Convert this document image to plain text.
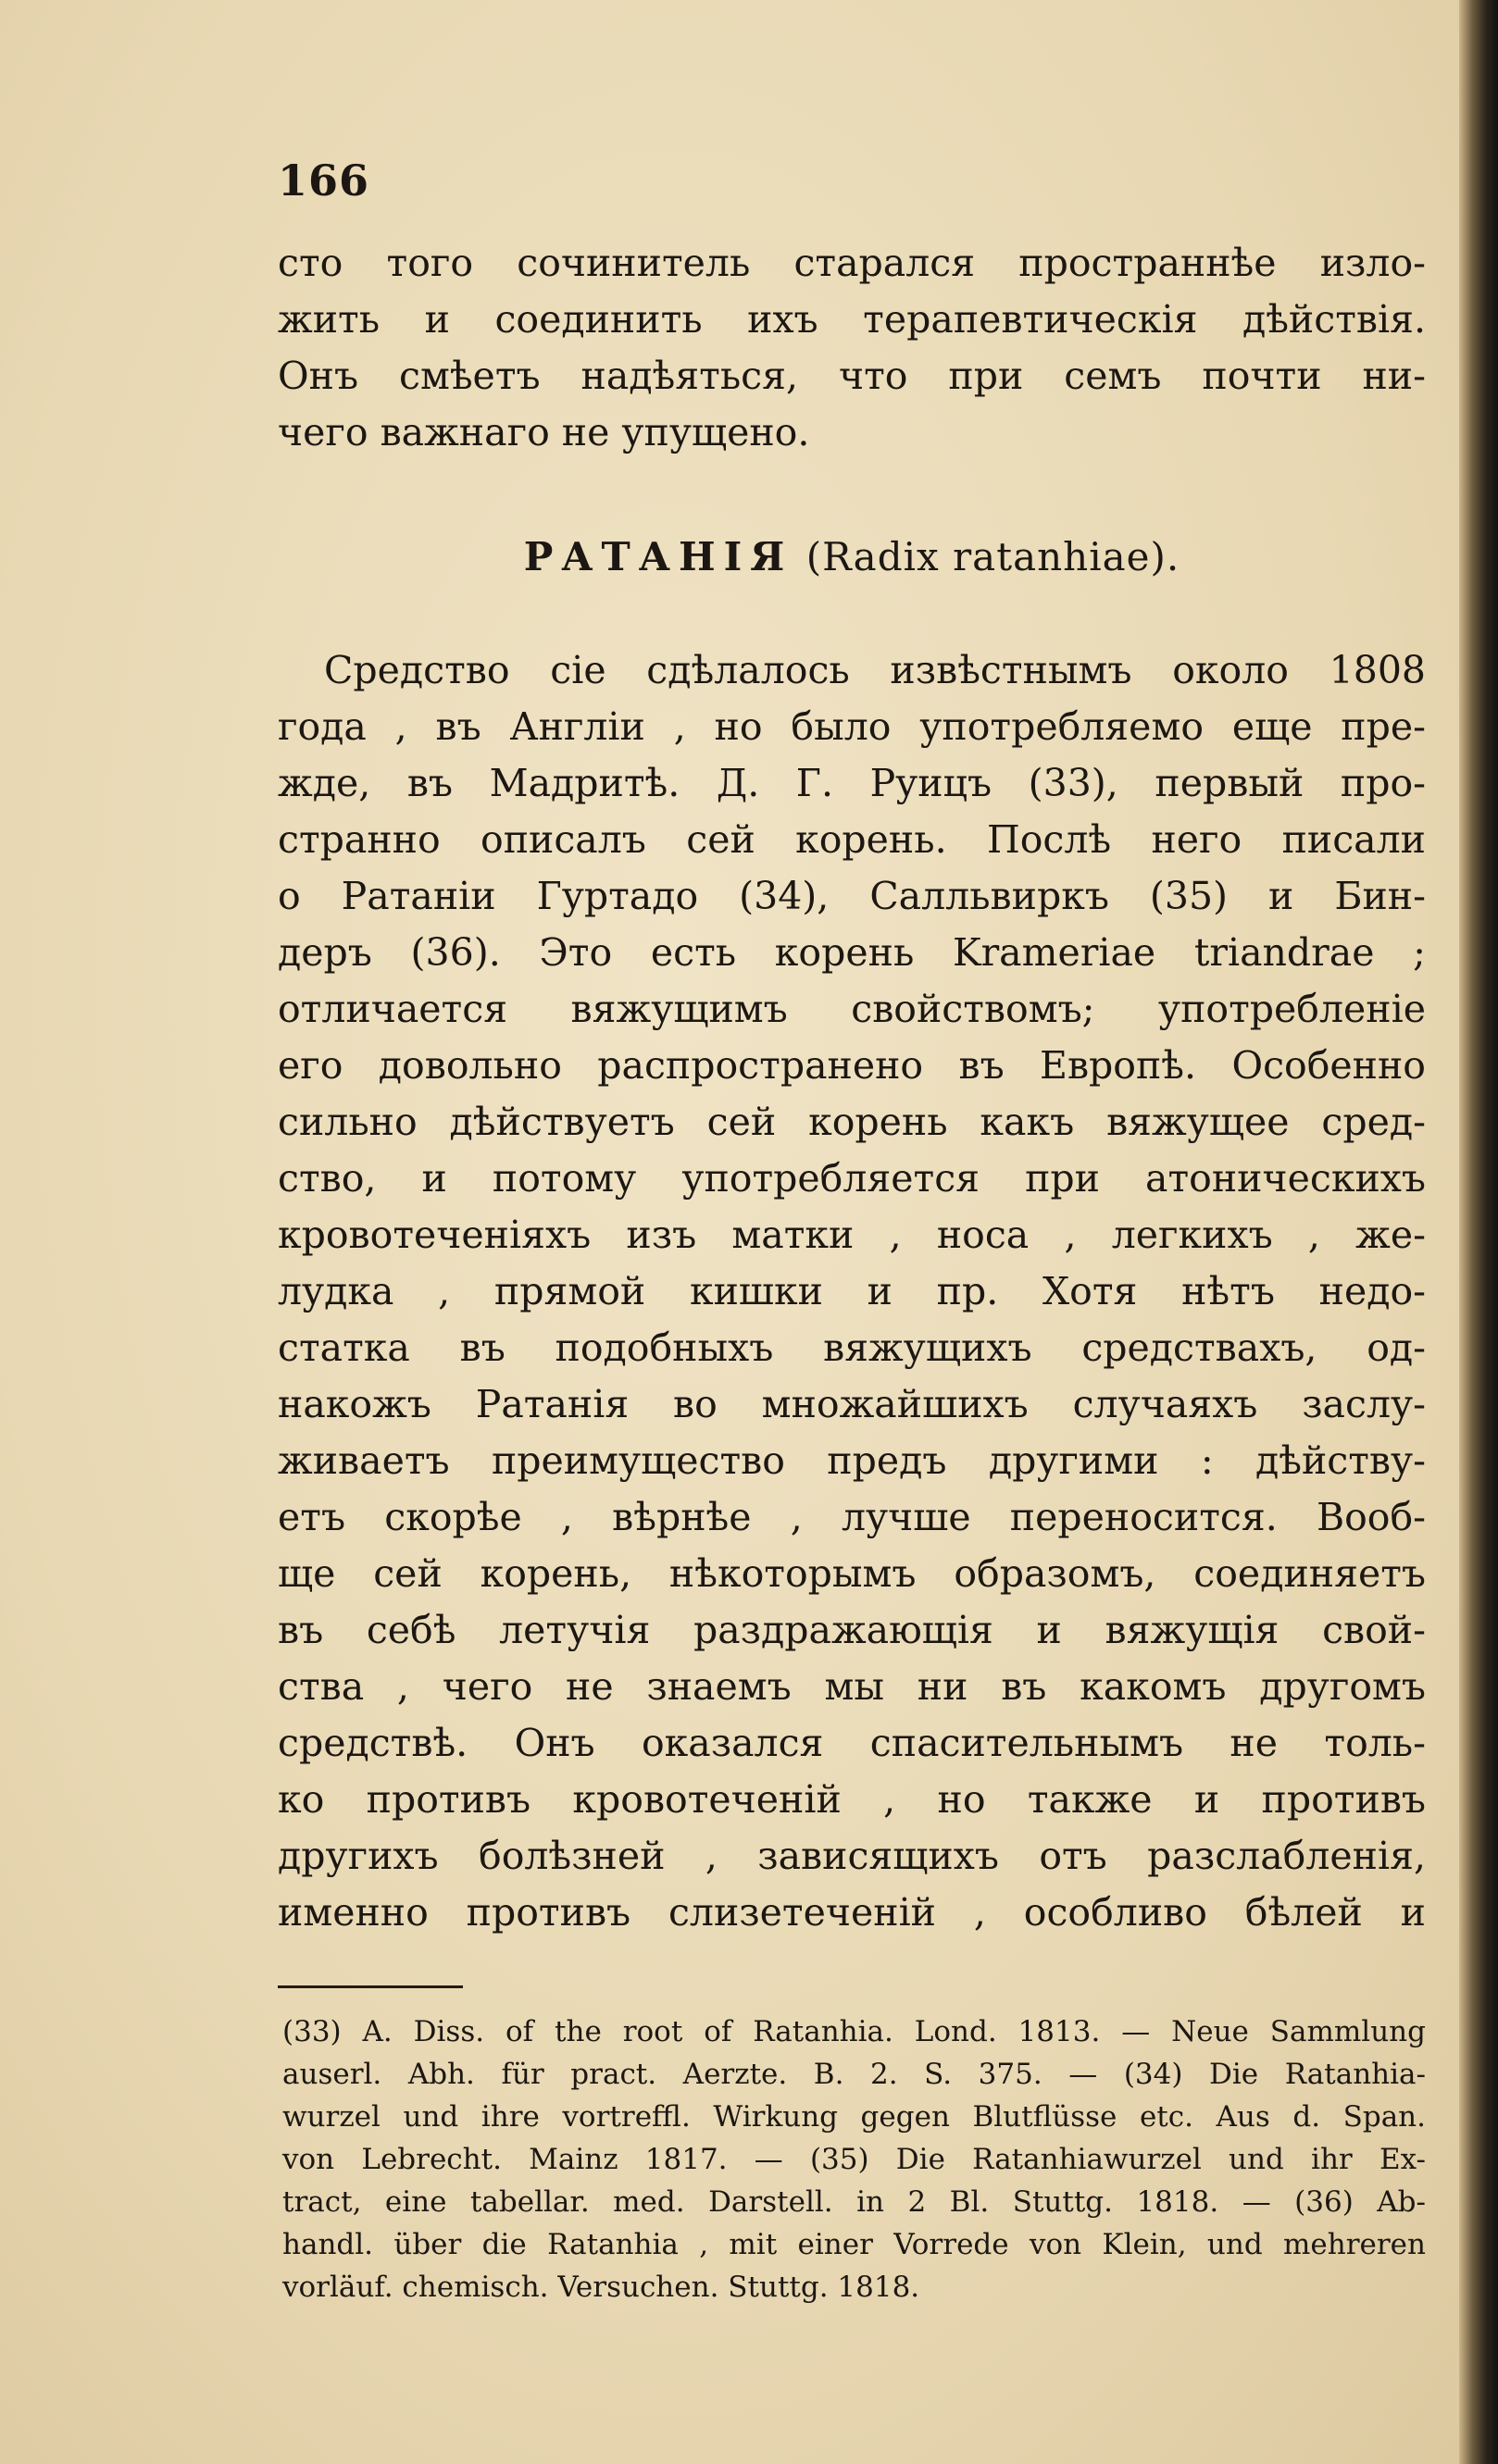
166
сто того сочинитель старался пространнѣе изло-
жить и соединить ихъ терапевтическія дѣйствія.
Онъ смѣетъ надѣяться, что при семъ почти ни-
чего важнаго не упущено.
РАТАНІЯ (Radix ratanhiae).
Средство сіе сдѣлалось извѣстнымъ около 1808
года , въ Англіи , но было употребляемо еще пре-
жде, въ Мадритѣ. Д. Г. Руицъ (33), первый про-
странно описалъ сей корень. Послѣ него писали
о Ратаніи Гуртадо (34), Салльвиркъ (35) и Бин-
деръ (36). Это есть корень Krameriae triandrae ;
отличается вяжущимъ свойствомъ; употребленіе
его довольно распространено въ Европѣ. Особенно
сильно дѣйствуетъ сей корень какъ вяжущее сред-
ство, и потому употребляется при атоническихъ
кровотеченіяхъ изъ матки , носа , легкихъ , же-
лудка , прямой кишки и пр. Хотя нѣтъ недо-
статка въ подобныхъ вяжущихъ средствахъ, од-
накожъ Ратанія во множайшихъ случаяхъ заслу-
живаетъ преимущество предъ другими : дѣйству-
етъ скорѣе , вѣрнѣе , лучше переносится. Вооб-
ще сей корень, нѣкоторымъ образомъ, соединяетъ
въ себѣ летучія раздражающія и вяжущія свой-
ства , чего не знаемъ мы ни въ какомъ другомъ
средствѣ. Онъ оказался спасительнымъ не толь-
ко противъ кровотеченій , но также и противъ
другихъ болѣзней , зависящихъ отъ разслабленія,
именно противъ слизетеченій , особливо бѣлей и
(33) A. Diss. of the root of Ratanhia. Lond. 1813. — Neue Sammlung
auserl. Abh. für pract. Aerzte. B. 2. S. 375. — (34) Die Ratanhia-
wurzel und ihre vortreffl. Wirkung gegen Blutflüsse etc. Aus d. Span.
von Lebrecht. Mainz 1817. — (35) Die Ratanhiawurzel und ihr Ex-
tract, eine tabellar. med. Darstell. in 2 Bl. Stuttg. 1818. — (36) Ab-
handl. über die Ratanhia , mit einer Vorrede von Klein, und mehreren
vorläuf. chemisch. Versuchen. Stuttg. 1818.
